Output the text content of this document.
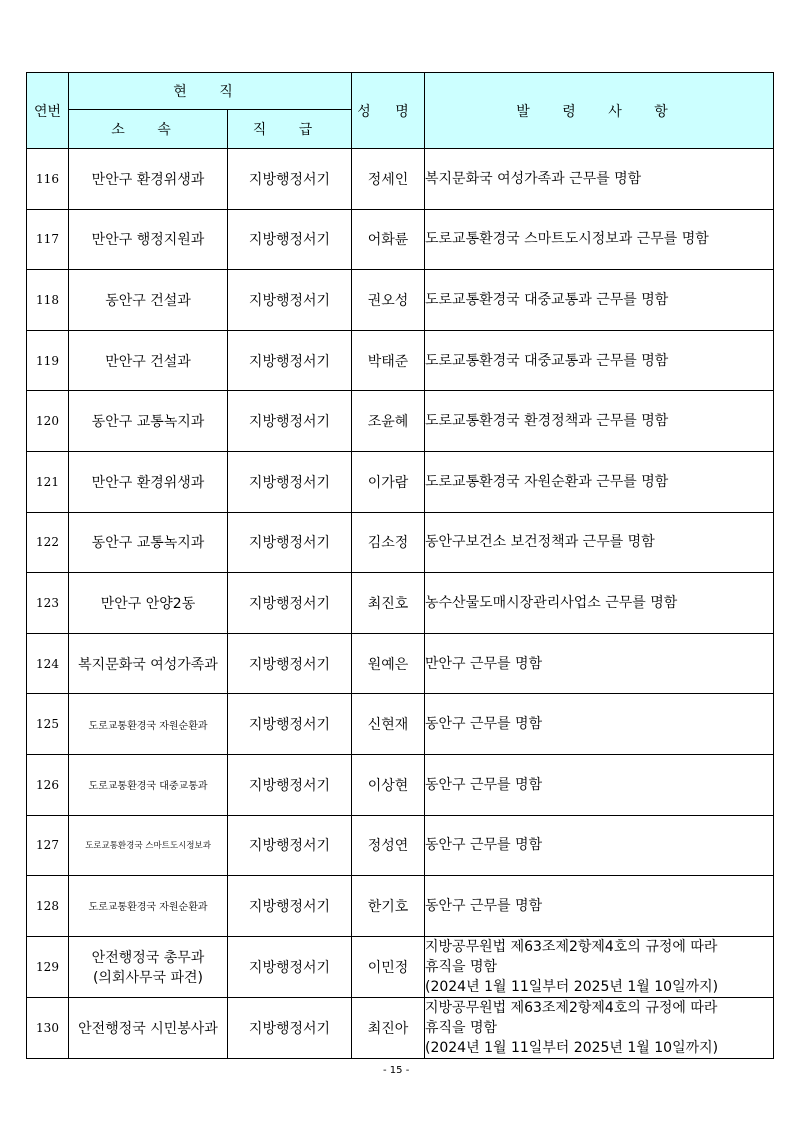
연번	현 직		성 명	발 령 사 항
	소 속	직 급		
116	만안구 환경위생과	지방행정서기	정세인	복지문화국 여성가족과 근무를 명함

117	만안구 행정지원과	지방행정서기	어화륜	도로교통환경국 스마트도시정보과 근무를 명함

118	동안구 건설과	지방행정서기	권오성	도로교통환경국 대중교통과 근무를 명함

119	만안구 건설과	지방행정서기	박태준	도로교통환경국 대중교통과 근무를 명함

120	동안구 교통녹지과	지방행정서기	조윤혜	도로교통환경국 환경정책과 근무를 명함

121	만안구 환경위생과	지방행정서기	이가람	도로교통환경국 자원순환과 근무를 명함

122	동안구 교통녹지과	지방행정서기	김소정	동안구보건소 보건정책과 근무를 명함

123	만안구 안양2동	지방행정서기	최진호	농수산물도매시장관리사업소 근무를 명함

124	복지문화국 여성가족과	지방행정서기	원예은	만안구 근무를 명함

125	도로교통환경국 자원순환과	지방행정서기	신현재	동안구 근무를 명함

126	도로교통환경국 대중교통과	지방행정서기	이상현	동안구 근무를 명함

127	도로교통환경국 스마트도시정보과	지방행정서기	정성연	동안구 근무를 명함

128	도로교통환경국 자원순환과	지방행정서기	한기호	동안구 근무를 명함

129	안전행정국 총무과
(의회사무국 파견)	지방행정서기	이민정	지방공무원법 제63조제2항제4호의 규정에 따라
휴직을 명함
(2024년 1월 11일부터 2025년 1월 10일까지)

130	안전행정국 시민봉사과	지방행정서기	최진아	지방공무원법 제63조제2항제4호의 규정에 따라
휴직을 명함
(2024년 1월 11일부터 2025년 1월 10일까지)
- 15 -
